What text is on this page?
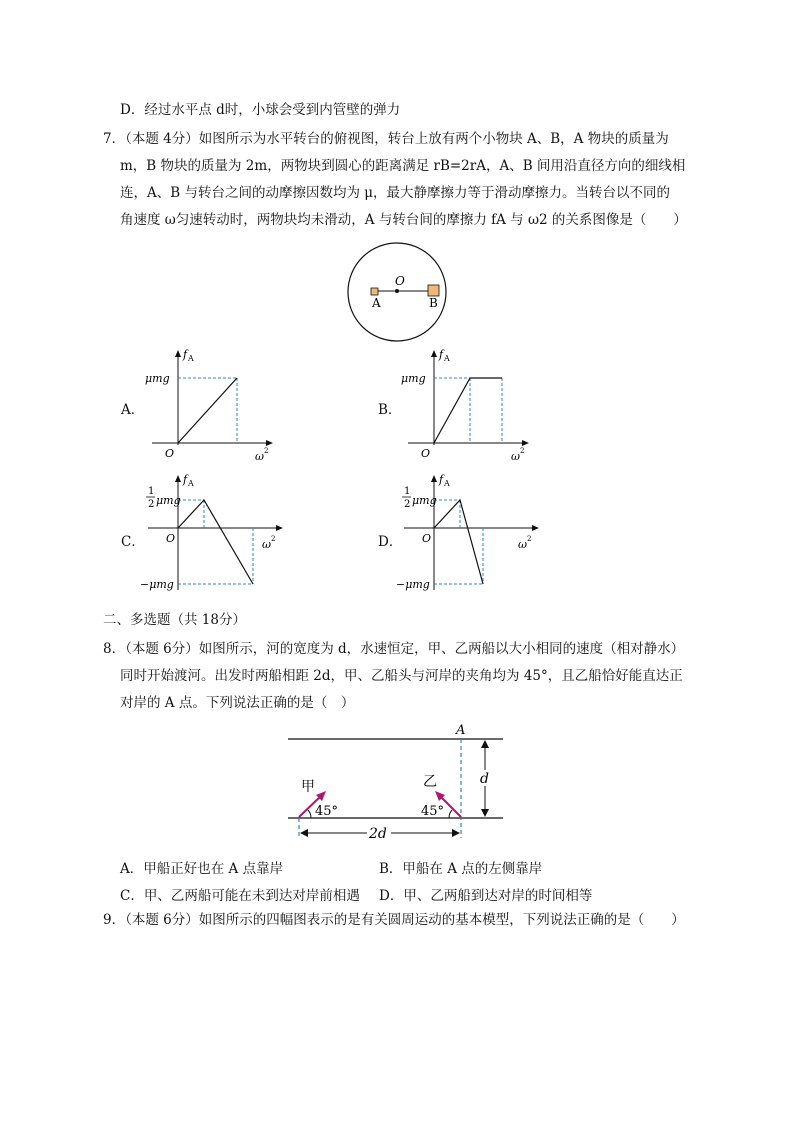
D．经过水平点 d时，小球会受到内管壁的弹力
7．（本题 4分）如图所示为水平转台的俯视图，转台上放有两个小物块 A、B，A 物块的质量为
m，B 物块的质量为 2m，两物块到圆心的距离满足 rB=2rA，A、B 间用沿直径方向的细线相
连，A、B 与转台之间的动摩擦因数均为 μ，最大静摩擦力等于滑动摩擦力。当转台以不同的
角速度 ω匀速转动时，两物块均未滑动，A 与转台间的摩擦力 fA 与 ω2 的关系图像是（　　）
O
A	B
A．	B．
C．	D．
f A
μmg
O	ω 2
f A
μmg
O	ω 2
f A
1
2 μmg
−μmg
O	ω 2
f A
1
2 μmg
−μmg
O	ω 2
二、多选题（共 18分）
8．（本题 6分）如图所示，河的宽度为 d，水速恒定，甲、乙两船以大小相同的速度（相对静水）
同时开始渡河。出发时两船相距 2d，甲、乙船头与河岸的夹角均为 45°，且乙船恰好能直达正
对岸的 A 点。下列说法正确的是（　）
A
d
2d
甲
45°
乙
45°
A．甲船正好也在 A 点靠岸	B．甲船在 A 点的左侧靠岸
C．甲、乙两船可能在未到达对岸前相遇 D．甲、乙两船到达对岸的时间相等
9．（本题 6分）如图所示的四幅图表示的是有关圆周运动的基本模型，下列说法正确的是（　　）
